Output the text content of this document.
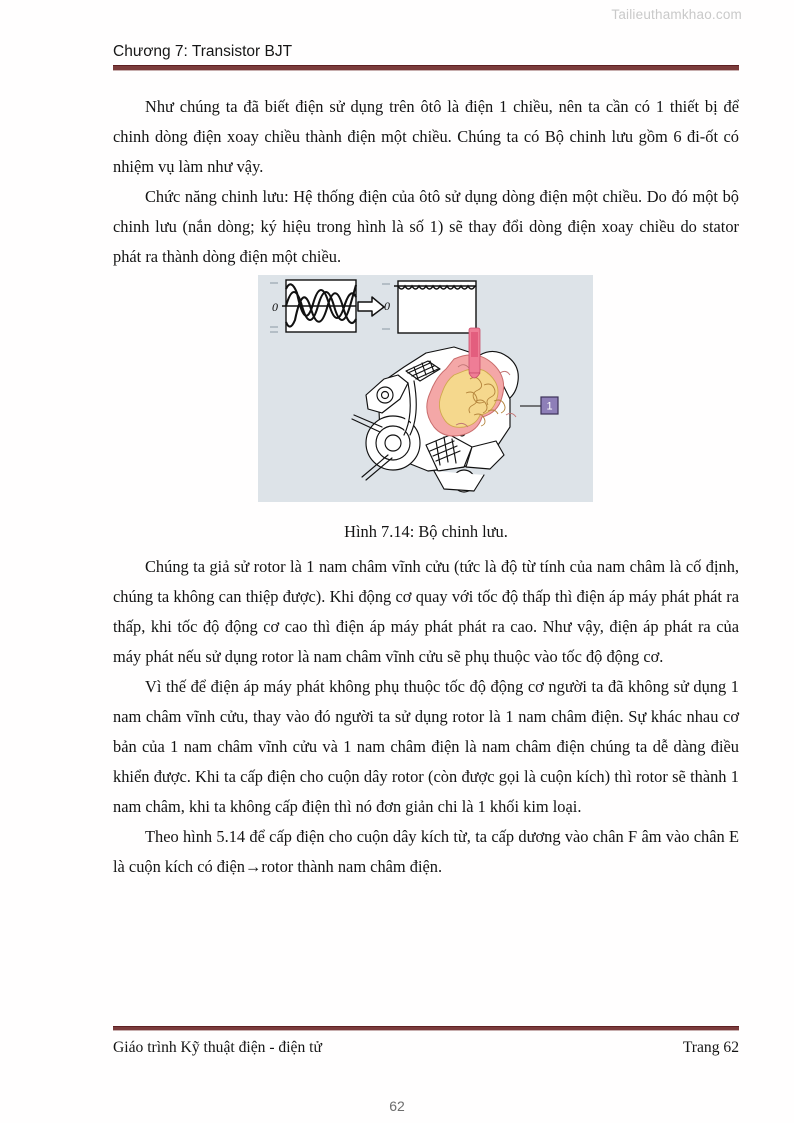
Tailieuthamkhao.com
Chương 7: Transistor BJT

Như chúng ta đã biết điện sử dụng trên ôtô là điện 1 chiều, nên ta cần có 1 thiết bị để chinh dòng điện xoay chiều thành điện một chiều. Chúng ta có Bộ chinh lưu gồm 6 đi-ốt có nhiệm vụ làm như vậy.

Chức năng chinh lưu: Hệ thống điện của ôtô sử dụng dòng điện một chiều. Do đó một bộ chinh lưu (nắn dòng; ký hiệu trong hình là số 1) sẽ thay đổi dòng điện xoay chiều do stator phát ra thành dòng điện một chiều.

0	0
1
Hình 7.14: Bộ chinh lưu.

Chúng ta giả sử rotor là 1 nam châm vĩnh cửu (tức là độ từ tính của nam châm là cố định, chúng ta không can thiệp được). Khi động cơ quay với tốc độ thấp thì điện áp máy phát phát ra thấp, khi tốc độ động cơ cao thì điện áp máy phát phát ra cao. Như vậy, điện áp phát ra của máy phát nếu sử dụng rotor là nam châm vĩnh cửu sẽ phụ thuộc vào tốc độ động cơ.

Vì thế để điện áp máy phát không phụ thuộc tốc độ động cơ người ta đã không sử dụng 1 nam châm vĩnh cửu, thay vào đó người ta sử dụng rotor là 1 nam châm điện. Sự khác nhau cơ bản của 1 nam châm vĩnh cửu và 1 nam châm điện là nam châm điện chúng ta dễ dàng điều khiển được. Khi ta cấp điện cho cuộn dây rotor (còn được gọi là cuộn kích) thì rotor sẽ thành 1 nam châm, khi ta không cấp điện thì nó đơn giản chi là 1 khối kim loại.

Theo hình 5.14 để cấp điện cho cuộn dây kích từ, ta cấp dương vào chân F âm vào chân E là cuộn kích có điện→rotor thành nam châm điện.

Giáo trình Kỹ thuật điện - điện tử	Trang 62
62
